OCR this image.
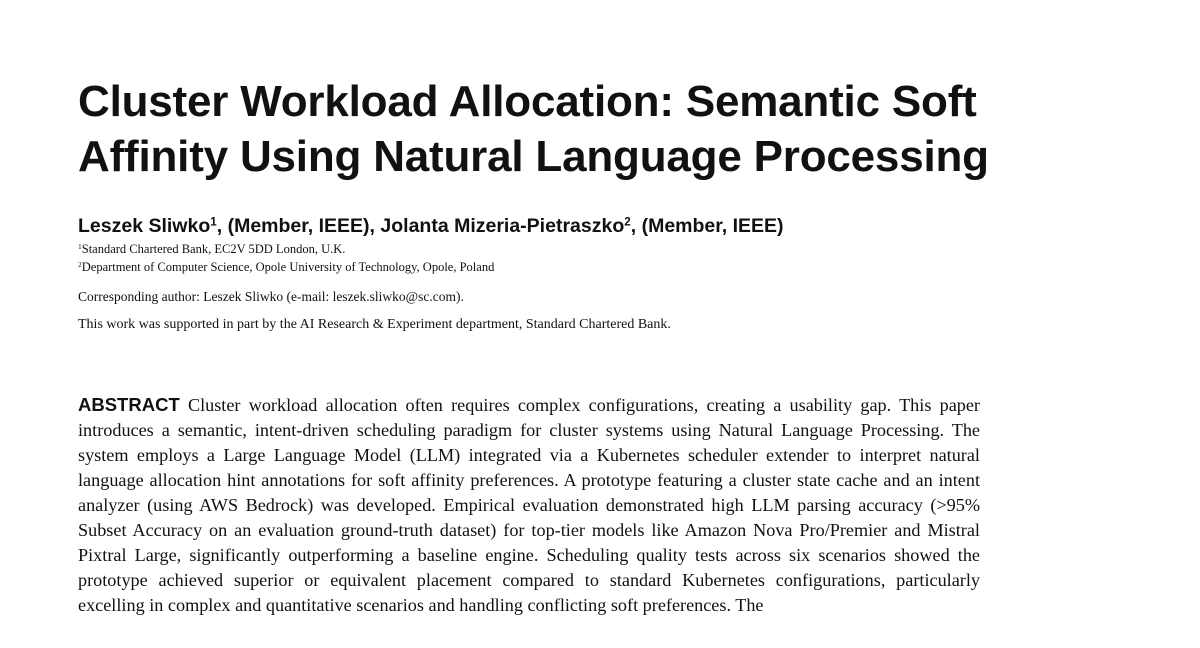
Cluster Workload Allocation: Semantic Soft
Affinity Using Natural Language Processing
Leszek Sliwko$^1$, (Member, IEEE), Jolanta Mizeria-Pietraszko$^2$, (Member, IEEE)
$^1$Standard Chartered Bank, EC2V 5DD London, U.K.
$^2$Department of Computer Science, Opole University of Technology, Opole, Poland
Corresponding author: Leszek Sliwko (e-mail: leszek.sliwko@sc.com).
This work was supported in part by the AI Research & Experiment department, Standard Chartered Bank.

ABSTRACT Cluster workload allocation often requires complex configurations, creating a usability gap. This paper introduces a semantic, intent-driven scheduling paradigm for cluster systems using Natural Language Processing. The system employs a Large Language Model (LLM) integrated via a Kubernetes scheduler extender to interpret natural language allocation hint annotations for soft affinity preferences. A prototype featuring a cluster state cache and an intent analyzer (using AWS Bedrock) was developed. Empirical evaluation demonstrated high LLM parsing accuracy (>95% Subset Accuracy on an evaluation ground-truth dataset) for top-tier models like Amazon Nova Pro/Premier and Mistral Pixtral Large, significantly outperforming a baseline engine. Scheduling quality tests across six scenarios showed the prototype achieved superior or equivalent placement compared to standard Kubernetes configurations, particularly excelling in complex and quantitative scenarios and handling conflicting soft preferences. The
